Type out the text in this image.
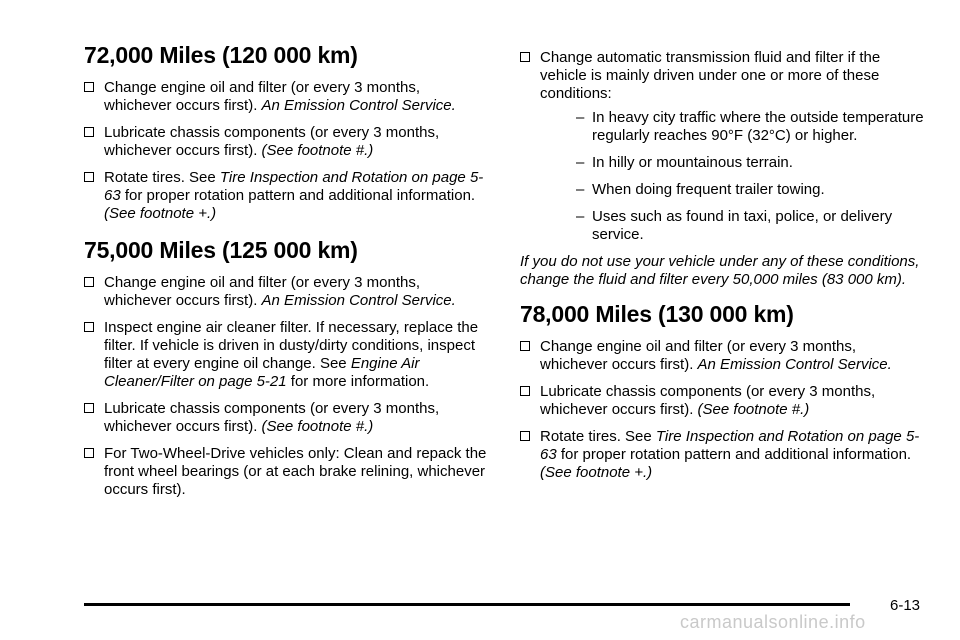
72,000 Miles (120 000 km)
Change engine oil and filter (or every 3 months, whichever occurs first). An Emission Control Service.
Lubricate chassis components (or every 3 months, whichever occurs first). (See footnote #.)
Rotate tires. See Tire Inspection and Rotation on page 5-63 for proper rotation pattern and additional information. (See footnote +.)
75,000 Miles (125 000 km)
Change engine oil and filter (or every 3 months, whichever occurs first). An Emission Control Service.
Inspect engine air cleaner filter. If necessary, replace the filter. If vehicle is driven in dusty/dirty conditions, inspect filter at every engine oil change. See Engine Air Cleaner/Filter on page 5-21 for more information.
Lubricate chassis components (or every 3 months, whichever occurs first). (See footnote #.)
For Two-Wheel-Drive vehicles only: Clean and repack the front wheel bearings (or at each brake relining, whichever occurs first).
Change automatic transmission fluid and filter if the vehicle is mainly driven under one or more of these conditions:
– In heavy city traffic where the outside temperature regularly reaches 90°F (32°C) or higher.
– In hilly or mountainous terrain.
– When doing frequent trailer towing.
– Uses such as found in taxi, police, or delivery service.

If you do not use your vehicle under any of these conditions, change the fluid and filter every 50,000 miles (83 000 km).

78,000 Miles (130 000 km)
Change engine oil and filter (or every 3 months, whichever occurs first). An Emission Control Service.
Lubricate chassis components (or every 3 months, whichever occurs first). (See footnote #.)
Rotate tires. See Tire Inspection and Rotation on page 5-63 for proper rotation pattern and additional information. (See footnote +.)
6-13
carmanualsonline.info
